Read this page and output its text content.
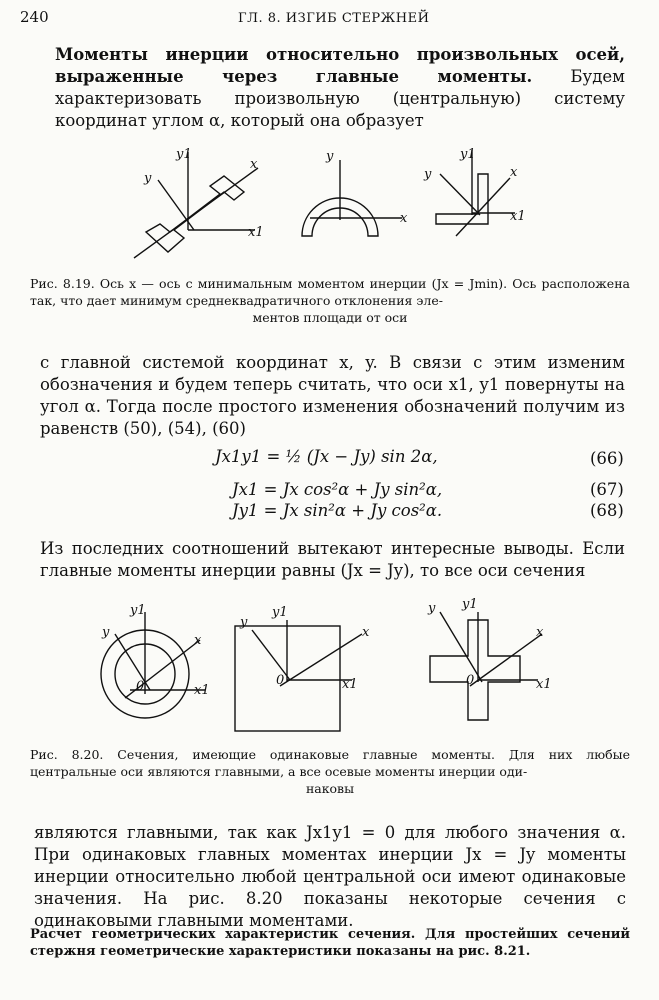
240	ГЛ. 8. ИЗГИБ СТЕРЖНЕЙ
Моменты инерции относительно произвольных осей, выраженные через главные моменты. Будем характеризовать произвольную (центральную) систему координат углом α, который она образует
y1
y
x
x1
y
x
y1
y	x
x1
Рис. 8.19. Ось x — ось с минимальным моментом инерции (Jx = Jmin). Ось расположена так, что дает минимум среднеквадратичного отклонения эле-
ментов площади от оси
с главной системой координат x, y. В связи с этим изменим обозначения и будем теперь считать, что оси x1, y1 повернуты на угол α. Тогда после простого изменения обозначений получим из равенств (50), (54), (60)
Jx1y1 = ½ (Jx − Jy) sin 2α,	(66)
Jx1 = Jx cos²α + Jy sin²α,	(67)
Jy1 = Jx sin²α + Jy cos²α.	(68)
Из последних соотношений вытекают интересные выводы. Если главные моменты инерции равны (Jx = Jy), то все оси сечения
y1
y
x
x1
0
y1
y
x
x1
0
y1
y
x
x1
0
Рис. 8.20. Сечения, имеющие одинаковые главные моменты. Для них любые центральные оси являются главными, а все осевые моменты инерции оди-
наковы
являются главными, так как Jx1y1 = 0 для любого значения α. При одинаковых главных моментах инерции Jx = Jy моменты инерции относительно любой центральной оси имеют одинаковые значения. На рис. 8.20 показаны некоторые сечения с одинаковыми главными моментами.
Расчет геометрических характеристик сечения. Для простейших сечений стержня геометрические характеристики показаны на рис. 8.21.
